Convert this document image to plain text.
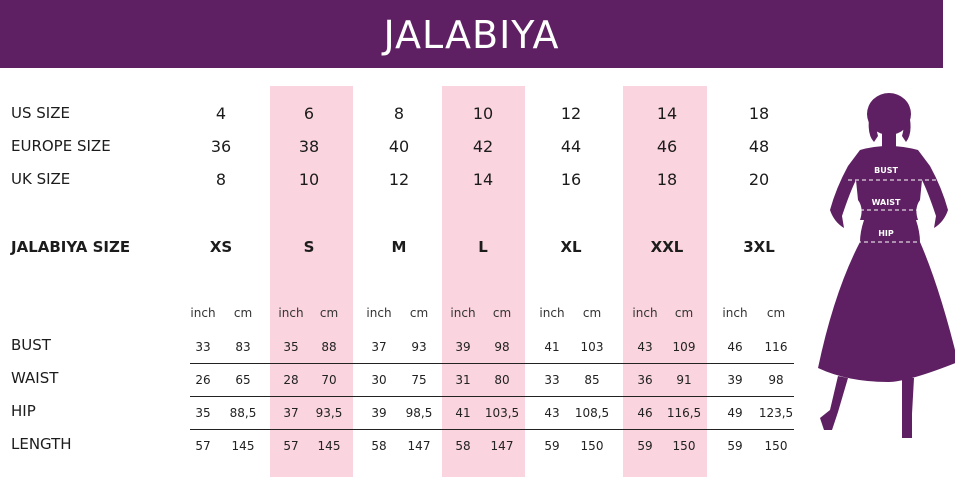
JALABIYA
US SIZE
EUROPE SIZE
UK SIZE
JALABIYA SIZE
BUST
WAIST
HIP
LENGTH
4
36
8
XS
inch cm
33 83
26 65
35 88,5
57 145
6
38
10
S
inch cm
35 88
28 70
37 93,5
57 145
8
40
12
M
inch cm
37 93
30 75
39 98,5
58 147
10
42
14
L
inch cm
39 98
31 80
41 103,5
58 147
12
44
16
XL
inch cm
41 103
33 85
43 108,5
59 150
14
46
18
XXL
inch cm
43 109
36 91
46 116,5
59 150
18
48
20
3XL
inch cm
46 116
39 98
49 123,5
59 150
BUST
WAIST
HIP
